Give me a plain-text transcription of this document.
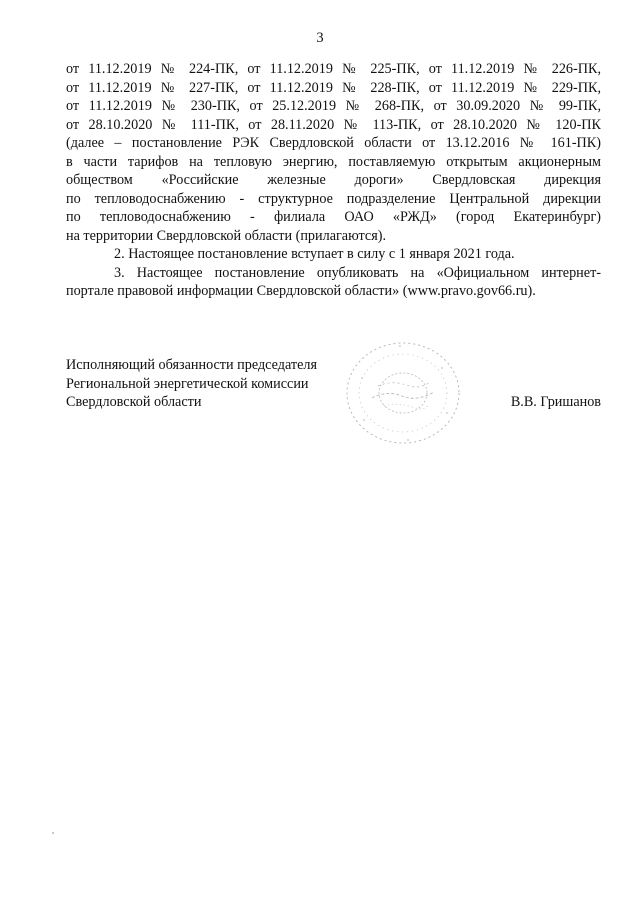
3
от 11.12.2019 № 224-ПК, от 11.12.2019 № 225-ПК, от 11.12.2019 № 226-ПК,
от 11.12.2019 № 227-ПК, от 11.12.2019 № 228-ПК, от 11.12.2019 № 229-ПК,
от 11.12.2019 № 230-ПК, от 25.12.2019 № 268-ПК, от 30.09.2020 № 99-ПК,
от 28.10.2020 № 111-ПК, от 28.11.2020 № 113-ПК, от 28.10.2020 № 120-ПК
(далее – постановление РЭК Свердловской области от 13.12.2016 № 161-ПК)
в части тарифов на тепловую энергию, поставляемую открытым акционерным
обществом «Российские железные дороги» Свердловская дирекция
по тепловодоснабжению - структурное подразделение Центральной дирекции
по тепловодоснабжению - филиала ОАО «РЖД» (город Екатеринбург)
на территории Свердловской области (прилагаются).
2. Настоящее постановление вступает в силу с 1 января 2021 года.
3. Настоящее постановление опубликовать на «Официальном интернет-
портале правовой информации Свердловской области» (www.pravo.gov66.ru).
Исполняющий обязанности председателя
Региональной энергетической комиссии
Свердловской области	В.В. Гришанов
